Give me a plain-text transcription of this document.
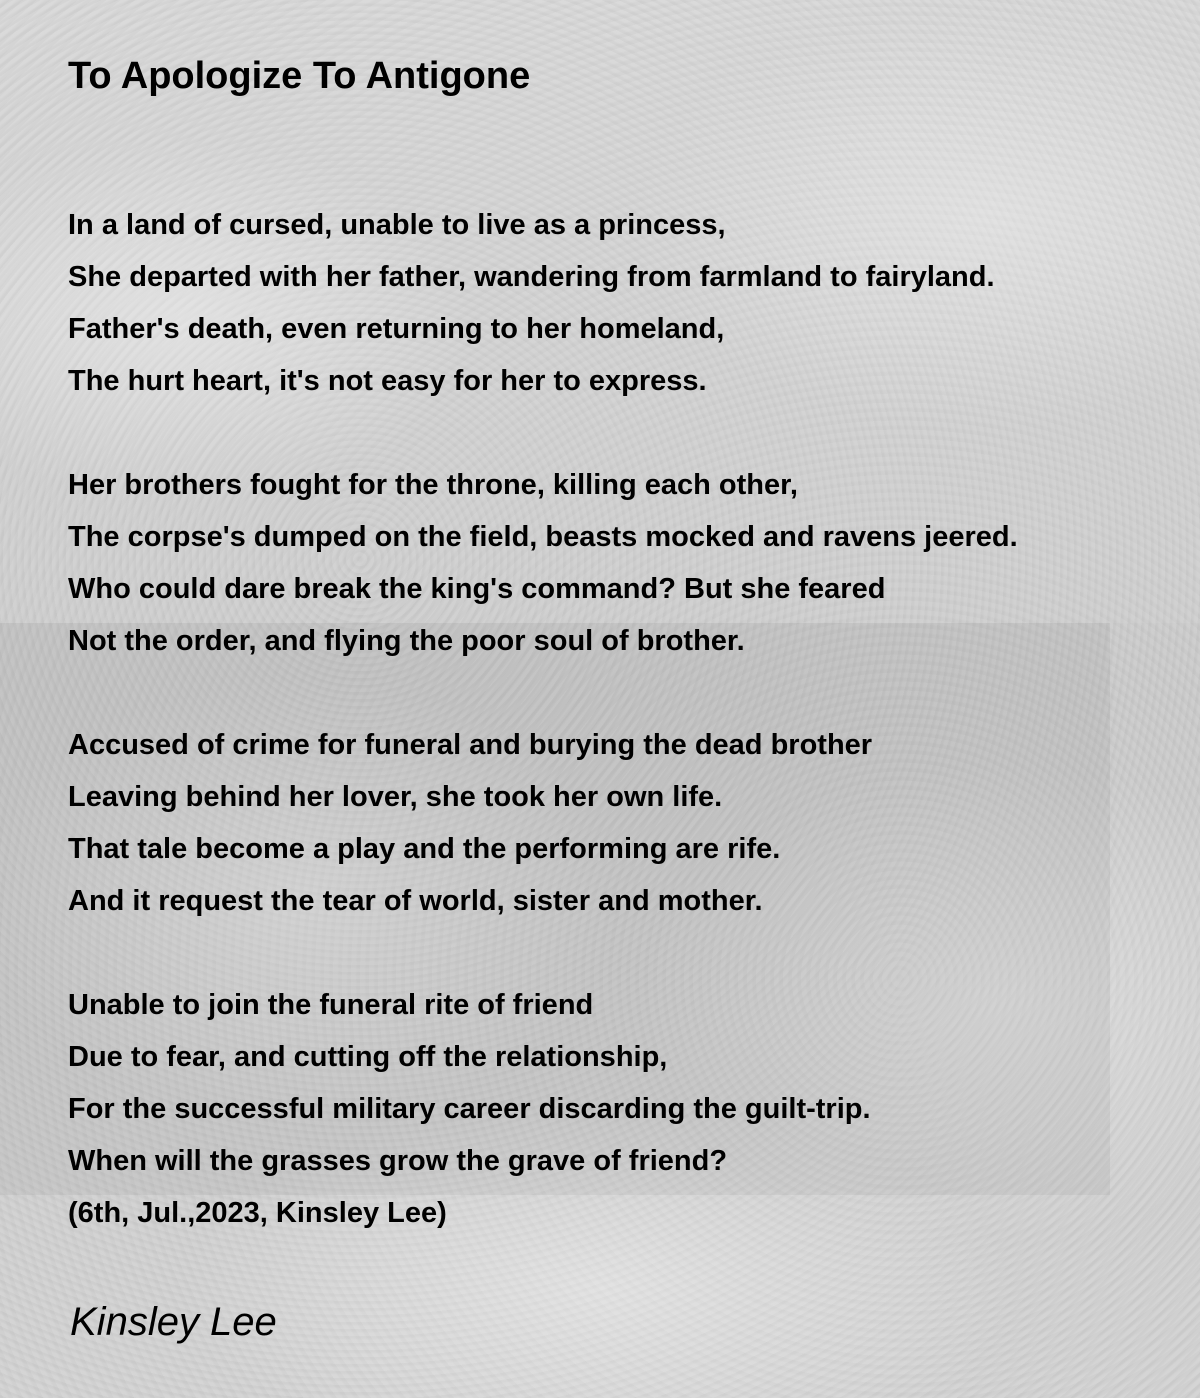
To Apologize To Antigone
In a land of cursed, unable to live as a princess,
She departed with her father, wandering from farmland to fairyland.
Father's death, even returning to her homeland,
The hurt heart, it's not easy for her to express.
Her brothers fought for the throne, killing each other,
The corpse's dumped on the field, beasts mocked and ravens jeered.
Who could dare break the king's command? But she feared
Not the order, and flying the poor soul of brother.
Accused of crime for funeral and burying the dead brother
Leaving behind her lover, she took her own life.
That tale become a play and the performing are rife.
And it request the tear of world, sister and mother.
Unable to join the funeral rite of friend
Due to fear, and cutting off the relationship,
For the successful military career discarding the guilt-trip.
When will the grasses grow the grave of friend?
(6th, Jul.,2023, Kinsley Lee)
Kinsley Lee
